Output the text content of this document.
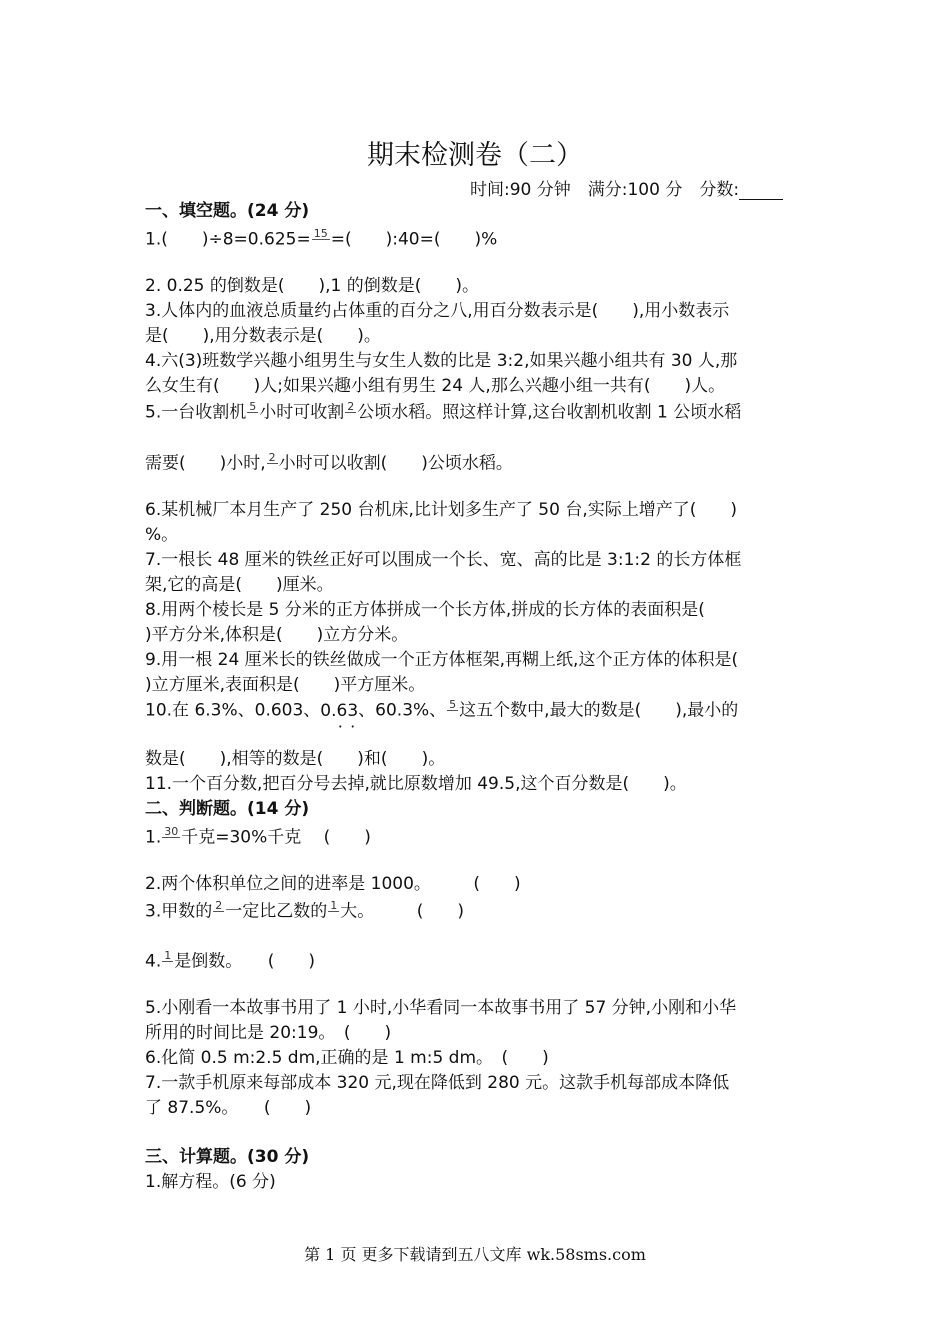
期末检测卷（二）
时间:90 分钟　满分:100 分　分数:
一、填空题。(24 分)
1.(　　)÷8=0.625= 15
=(　　):40=(　　)%
2. 0.25 的倒数是(　　),1 的倒数是(　　)。
3.人体内的血液总质量约占体重的百分之八,用百分数表示是(　　),用小数表示
是(　　),用分数表示是(　　)。
4.六(3)班数学兴趣小组男生与女生人数的比是 3:2,如果兴趣小组共有 30 人,那
么女生有(　　)人;如果兴趣小组有男生 24 人,那么兴趣小组一共有(　　)人。
5.一台收割机 5
小时可收割 2
公顷水稻。照这样计算,这台收割机收割 1 公顷水稻
需要(　　)小时, 2
小时可以收割(　　)公顷水稻。
6.某机械厂本月生产了 250 台机床,比计划多生产了 50 台,实际上增产了(　　)
%。
7.一根长 48 厘米的铁丝正好可以围成一个长、宽、高的比是 3:1:2 的长方体框
架,它的高是(　　)厘米。
8.用两个棱长是 5 分米的正方体拼成一个长方体,拼成的长方体的表面积是(
)平方分米,体积是(　　)立方分米。
9.用一根 24 厘米长的铁丝做成一个正方体框架,再糊上纸,这个正方体的体积是(
)立方厘米,表面积是(　　)平方厘米。
10.在 6.3%、0.603、0.63 • •、60.3%、 5
这五个数中,最大的数是(　　),最小的
数是(　　),相等的数是(　　)和(　　)。
11.一个百分数,把百分号去掉,就比原数增加 49.5,这个百分数是(　　)。
二、判断题。(14 分)
1. 30
千克=30%千克　 (　　)
2.两个体积单位之间的进率是 1000。　　　(　　)
3.甲数的 2
一定比乙数的 1
大。　　　(　　)
4. 1
是倒数。　　(　　)
5.小刚看一本故事书用了 1 小时,小华看同一本故事书用了 57 分钟,小刚和小华
所用的时间比是 20:19。　(　　)
6.化简 0.5 m:2.5 dm,正确的是 1 m:5 dm。　(　　)
7.一款手机原来每部成本 320 元,现在降低到 280 元。这款手机每部成本降低
了 87.5%。　　(　　)
三、计算题。(30 分)
1.解方程。(6 分)
第 1 页 更多下载请到五八文库 wk.58sms.com
